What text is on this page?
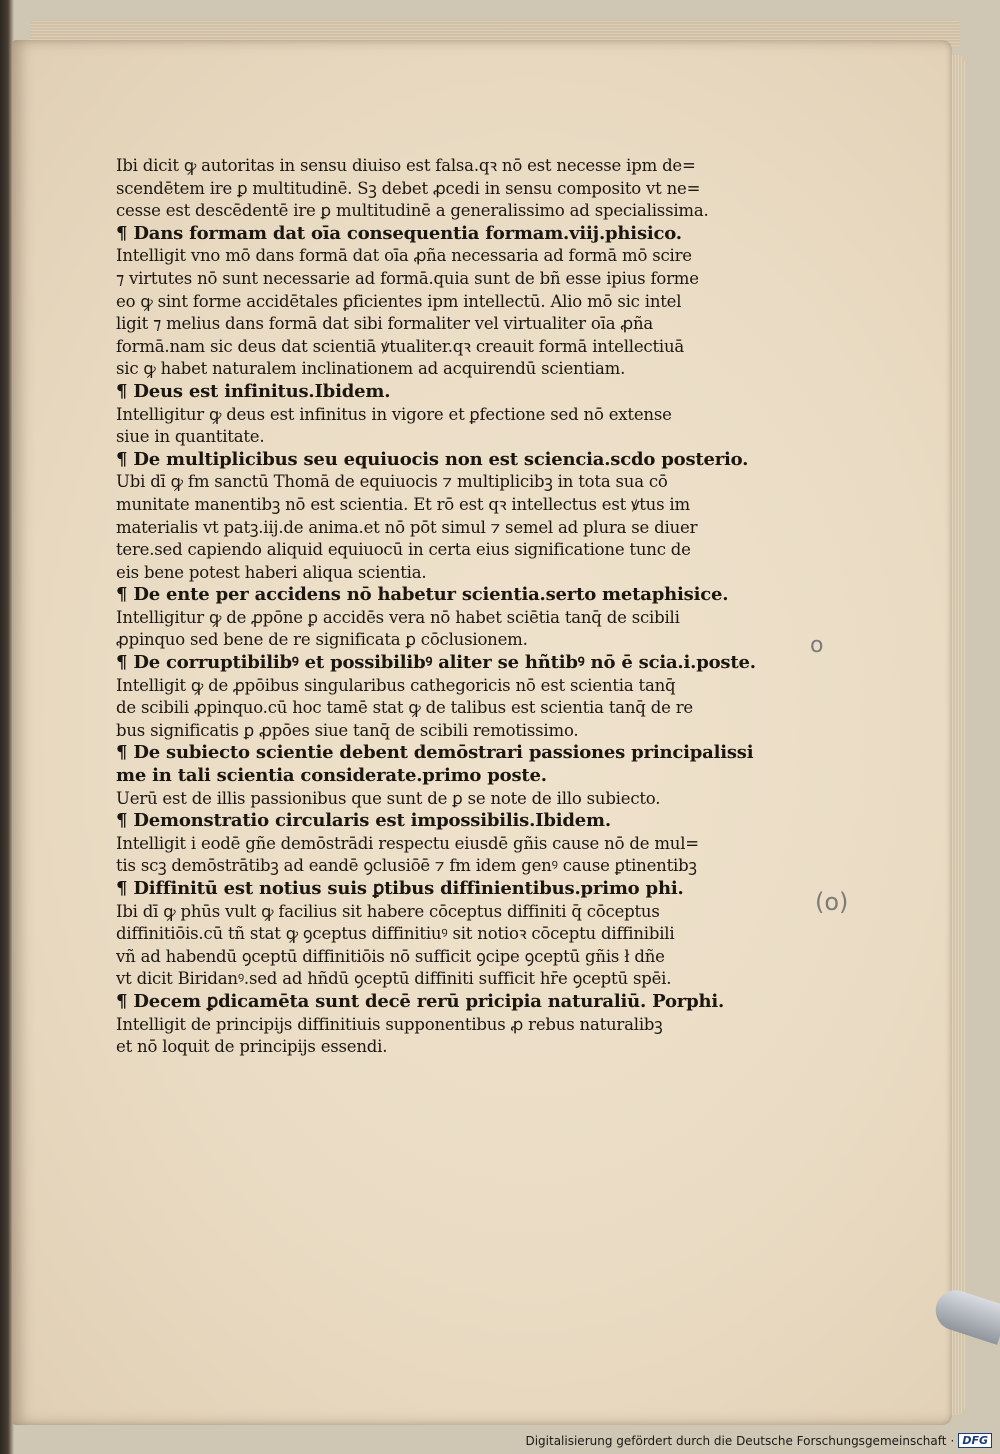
Ibi dicit ꝙ autoritas in sensu diuiso est falsa.qꝛ nō est necesse ipm de=
scendētem ire ꝑ multitudinē. Sꝫ debet ꝓcedi in sensu composito vt ne=
cesse est descēdentē ire ꝑ multitudinē a generalissimo ad specialissima.
¶ Dans formam dat oīa consequentia formam.viij.phisico.
Intelligit vno mō dans formā dat oīa ꝓña necessaria ad formā mō scire
⁊ virtutes nō sunt necessarie ad formā.quia sunt de bñ esse ipius forme
eo ꝙ sint forme accidētales ꝑficientes ipm intellectū. Alio mō sic intel
ligit ⁊ melius dans formā dat sibi formaliter vel virtualiter oīa ꝓña
formā.nam sic deus dat scientiā ꝟtualiter.qꝛ creauit formā intellectiuā
sic ꝙ habet naturalem inclinationem ad acquirendū scientiam.
¶ Deus est infinitus.Ibidem.
Intelligitur ꝙ deus est infinitus in vigore et ꝑfectione sed nō extense
siue in quantitate.
¶ De multiplicibus seu equiuocis non est sciencia.scdo posterio.
Ubi dī ꝙ fm sanctū Thomā de equiuocis ⁊ multiplicibꝫ in tota sua cō
munitate manentibꝫ nō est scientia. Et rō est qꝛ intellectus est ꝟtus im
materialis vt patꝫ.iij.de anima.et nō pōt simul ⁊ semel ad plura se diuer
tere.sed capiendo aliquid equiuocū in certa eius significatione tunc de
eis bene potest haberi aliqua scientia.
¶ De ente per accidens nō habetur scientia.serto metaphisice.
Intelligitur ꝙ de ꝓpōne ꝑ accidēs vera nō habet sciētia tanq̄ de scibili
ꝓpinquo sed bene de re significata ꝑ cōclusionem.
¶ De corruptibilibꝰ et possibilibꝰ aliter se hñtibꝰ nō ē scia.i.poste.
Intelligit ꝙ de ꝓpōibus singularibus cathegoricis nō est scientia tanq̄
de scibili ꝓpinquo.cū hoc tamē stat ꝙ de talibus est scientia tanq̄ de re
bus significatis ꝑ ꝓpōes siue tanq̄ de scibili remotissimo.
¶ De subiecto scientie debent demōstrari passiones principalissi
me in tali scientia considerate.primo poste.
Uerū est de illis passionibus que sunt de ꝑ se note de illo subiecto.
¶ Demonstratio circularis est impossibilis.Ibidem.
Intelligit i eodē gñe demōstrādi respectu eiusdē gñis cause nō de mul=
tis scꝫ demōstrātibꝫ ad eandē ꝯclusiōē ⁊ fm idem genꝰ cause ꝑtinentibꝫ
¶ Diffinitū est notius suis ꝑtibus diffinientibus.primo phi.
Ibi dī ꝙ phūs vult ꝙ facilius sit habere cōceptus diffiniti q̄ cōceptus
diffinitiōis.cū tñ stat ꝙ ꝯceptus diffinitiuꝰ sit notioꝛ cōceptu diffinibili
vñ ad habendū ꝯceptū diffinitiōis nō sufficit ꝯcipe ꝯceptū gñis ł dñe
vt dicit Biridanꝰ.sed ad hñdū ꝯceptū diffiniti sufficit hr̄e ꝯceptū spēi.
¶ Decem ꝑdicamēta sunt decē rerū pricipia naturaliū. Porphi.
Intelligit de principijs diffinitiuis supponentibus ꝓ rebus naturalibꝫ
et nō loquit de principijs essendi.
o
(o)
Digitalisierung gefördert durch die Deutsche Forschungsgemeinschaft · DFG
